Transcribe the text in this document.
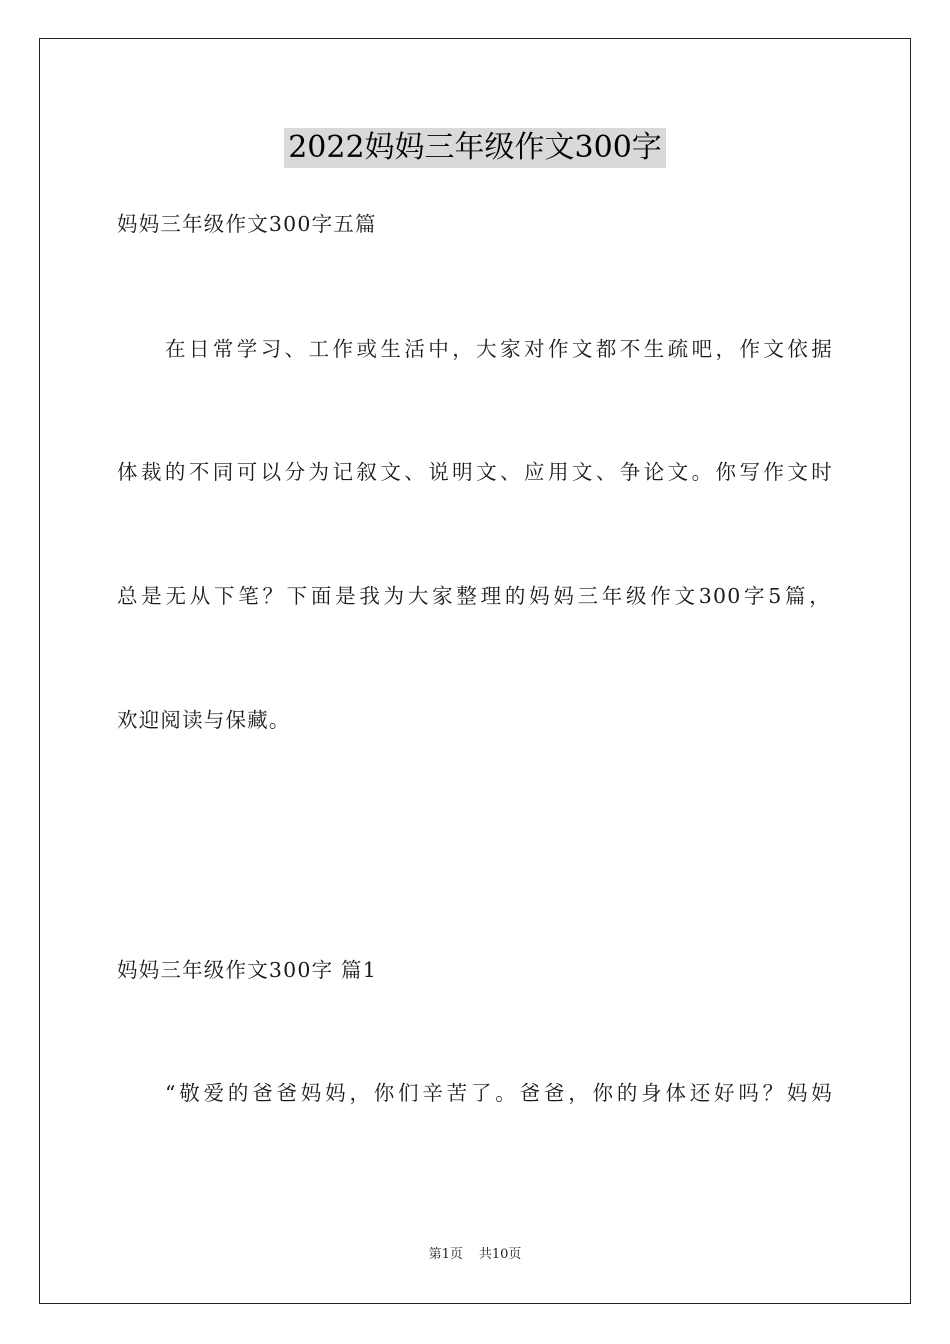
2022妈妈三年级作文300字
妈妈三年级作文300字五篇
在日常学习、工作或生活中，大家对作文都不生疏吧，作文依据
体裁的不同可以分为记叙文、说明文、应用文、争论文。你写作文时
总是无从下笔？下面是我为大家整理的妈妈三年级作文300字5篇，
欢迎阅读与保藏。
妈妈三年级作文300字 篇1
“敬爱的爸爸妈妈，你们辛苦了。爸爸，你的身体还好吗？妈妈
第1页 共10页
